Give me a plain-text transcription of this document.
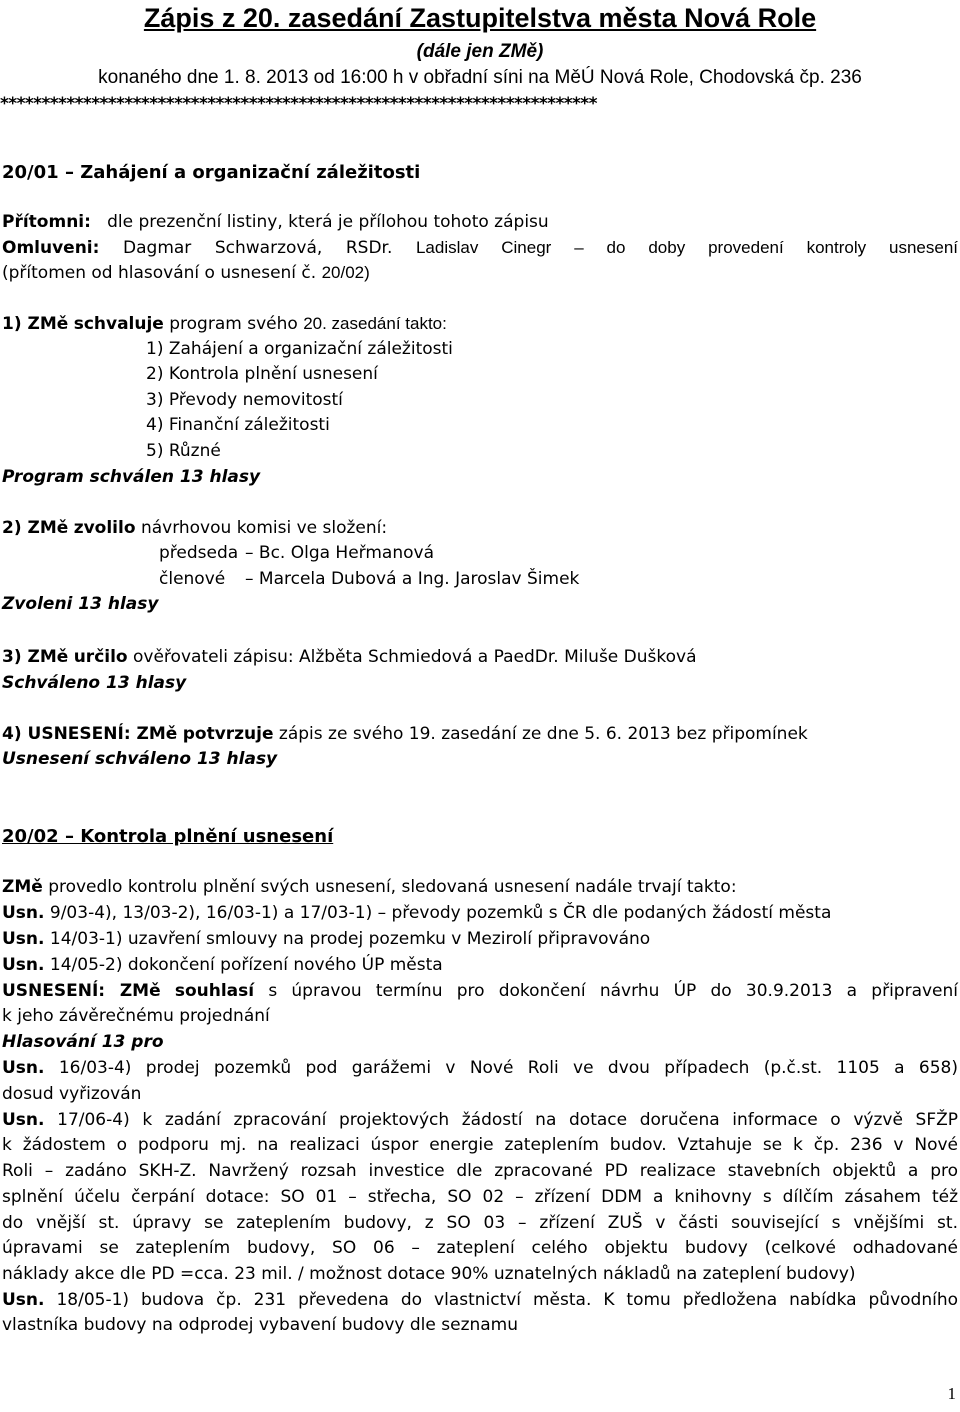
Zápis z 20. zasedání Zastupitelstva města Nová Role
(dále jen ZMě)
konaného dne 1. 8. 2013 od 16:00 h v obřadní síni na MěÚ Nová Role, Chodovská čp. 236
************************************************************************
20/01 – Zahájení a organizační záležitosti
Přítomni: dle prezenční listiny, která je přílohou tohoto zápisu
Omluveni: Dagmar Schwarzová, RSDr. Ladislav Cinegr – do doby provedení kontroly usnesení
(přítomen od hlasování o usnesení č. 20/02)
1) ZMě schvaluje program svého 20. zasedání takto:
1) Zahájení a organizační záležitosti
2) Kontrola plnění usnesení
3) Převody nemovitostí
4) Finanční záležitosti
5) Různé
Program schválen 13 hlasy
2) ZMě zvolilo návrhovou komisi ve složení:
předseda – Bc. Olga Heřmanová
členové – Marcela Dubová a Ing. Jaroslav Šimek
Zvoleni 13 hlasy
3) ZMě určilo ověřovateli zápisu: Alžběta Schmiedová a PaedDr. Miluše Dušková
Schváleno 13 hlasy
4) USNESENÍ: ZMě potvrzuje zápis ze svého 19. zasedání ze dne 5. 6. 2013 bez připomínek
Usnesení schváleno 13 hlasy
20/02 – Kontrola plnění usnesení
ZMě provedlo kontrolu plnění svých usnesení, sledovaná usnesení nadále trvají takto:
Usn. 9/03-4), 13/03-2), 16/03-1) a 17/03-1) – převody pozemků s ČR dle podaných žádostí města
Usn. 14/03-1) uzavření smlouvy na prodej pozemku v Mezirolí připravováno
Usn. 14/05-2) dokončení pořízení nového ÚP města
USNESENÍ: ZMě souhlasí s úpravou termínu pro dokončení návrhu ÚP do 30.9.2013 a připravení
k jeho závěrečnému projednání
Hlasování 13 pro
Usn. 16/03-4) prodej pozemků pod garážemi v Nové Roli ve dvou případech (p.č.st. 1105 a 658)
dosud vyřizován
Usn. 17/06-4) k zadání zpracování projektových žádostí na dotace doručena informace o výzvě SFŽP
k žádostem o podporu mj. na realizaci úspor energie zateplením budov. Vztahuje se k čp. 236 v Nové
Roli – zadáno SKH-Z. Navržený rozsah investice dle zpracované PD realizace stavebních objektů a pro
splnění účelu čerpání dotace: SO 01 – střecha, SO 02 – zřízení DDM a knihovny s dílčím zásahem též
do vnější st. úpravy se zateplením budovy, z SO 03 – zřízení ZUŠ v části související s vnějšími st.
úpravami se zateplením budovy, SO 06 – zateplení celého objektu budovy (celkové odhadované
náklady akce dle PD =cca. 23 mil. / možnost dotace 90% uznatelných nákladů na zateplení budovy)
Usn. 18/05-1) budova čp. 231 převedena do vlastnictví města. K tomu předložena nabídka původního
vlastníka budovy na odprodej vybavení budovy dle seznamu
1
